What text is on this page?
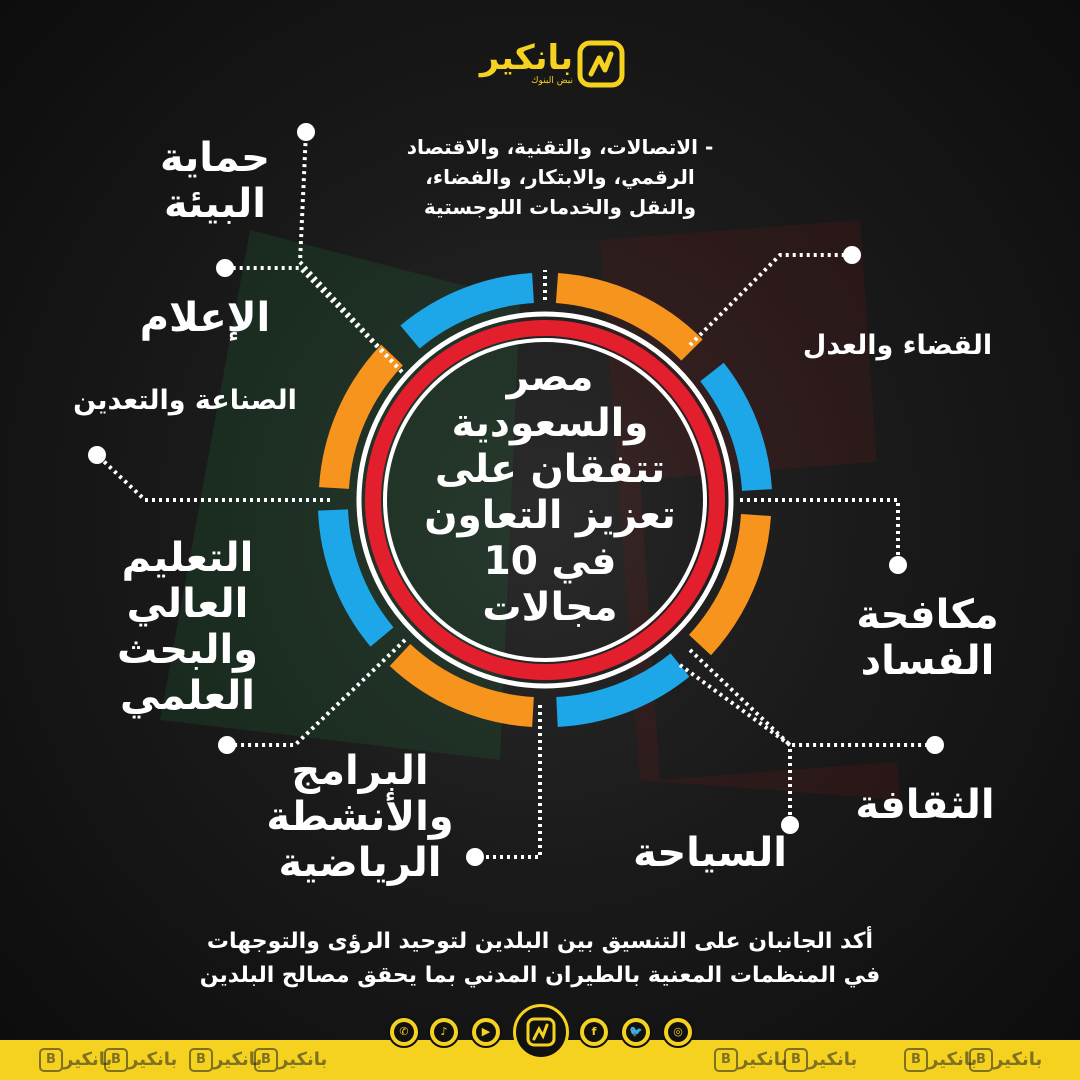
بانكير
نبض البنوك
مصر
والسعودية
تتفقان على
تعزيز التعاون
في 10
مجالات
- الاتصالات، والتقنية، والاقتصاد
الرقمي، والابتكار، والفضاء،
والنقل والخدمات اللوجستية
حماية
البيئة
الإعلام
الصناعة والتعدين
التعليم
العالي
والبحث
العلمي
البرامج
والأنشطة
الرياضية	السياحة
الثقافة
مكافحة
الفساد
القضاء والعدل
أكد الجانبان على التنسيق بين البلدين لتوحيد الرؤى والتوجهات
في المنظمات المعنية بالطيران المدني بما يحقق مصالح البلدين
بانكيرB	بانكيرB	بانكيرB	بانكيرB	بانكيرB	بانكيرB	بانكيرB	بانكيرB
✆	♪	▶	f	🐦	◎
